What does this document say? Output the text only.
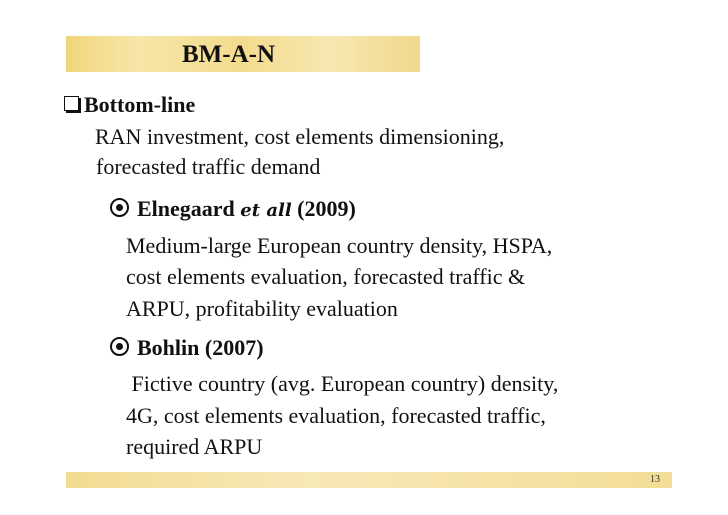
BM-A-N
Bottom-line
RAN investment, cost elements dimensioning,
forecasted traffic demand
Elnegaard et all (2009)
Medium-large European country density, HSPA,
cost elements evaluation, forecasted traffic &
ARPU, profitability evaluation
Bohlin (2007)
Fictive country (avg. European country) density,
4G, cost elements evaluation, forecasted traffic,
required ARPU
13
